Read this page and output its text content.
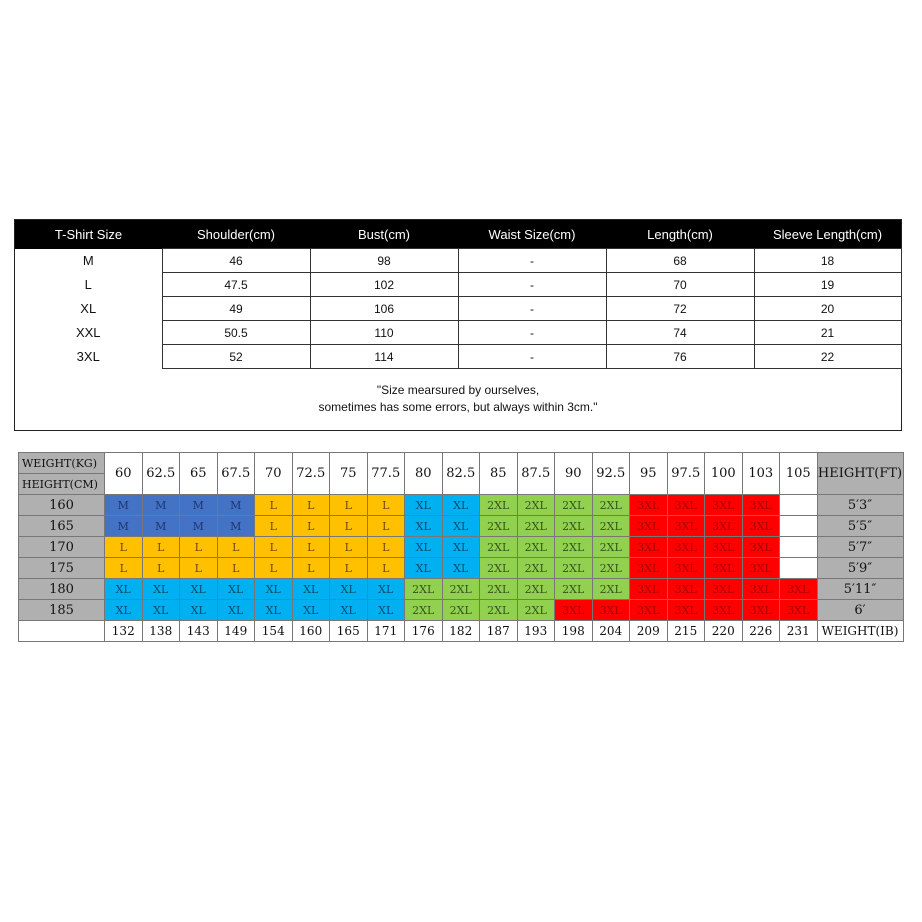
T-Shirt Size	Shoulder(cm)	Bust(cm)	Waist Size(cm)	Length(cm)	Sleeve Length(cm)
M	46	98	-	68	18
L	47.5	102	-	70	19
XL	49	106	-	72	20
XXL	50.5	110	-	74	21
3XL	52	114	-	76	22
"Size mearsured by ourselves,
sometimes has some errors, but always within 3cm."
WEIGHT(KG)	60	62.5	65	67.5	70	72.5	75	77.5	80	82.5	85	87.5	90	92.5	95	97.5	100	103	105	HEIGHT(FT)
HEIGHT(CM)																				
160	M	M	M	M	L	L	L	L	XL	XL	2XL	2XL	2XL	2XL	3XL	3XL	3XL	3XL		5′3″
165	M	M	M	M	L	L	L	L	XL	XL	2XL	2XL	2XL	2XL	3XL	3XL	3XL	3XL		5′5″
170	L	L	L	L	L	L	L	L	XL	XL	2XL	2XL	2XL	2XL	3XL	3XL	3XL	3XL		5′7″
175	L	L	L	L	L	L	L	L	XL	XL	2XL	2XL	2XL	2XL	3XL	3XL	3XL	3XL		5′9″
180	XL	XL	XL	XL	XL	XL	XL	XL	2XL	2XL	2XL	2XL	2XL	2XL	3XL	3XL	3XL	3XL	3XL	5′11″
185	XL	XL	XL	XL	XL	XL	XL	XL	2XL	2XL	2XL	2XL	3XL	3XL	3XL	3XL	3XL	3XL	3XL	6′
	132	138	143	149	154	160	165	171	176	182	187	193	198	204	209	215	220	226	231	WEIGHT(IB)
